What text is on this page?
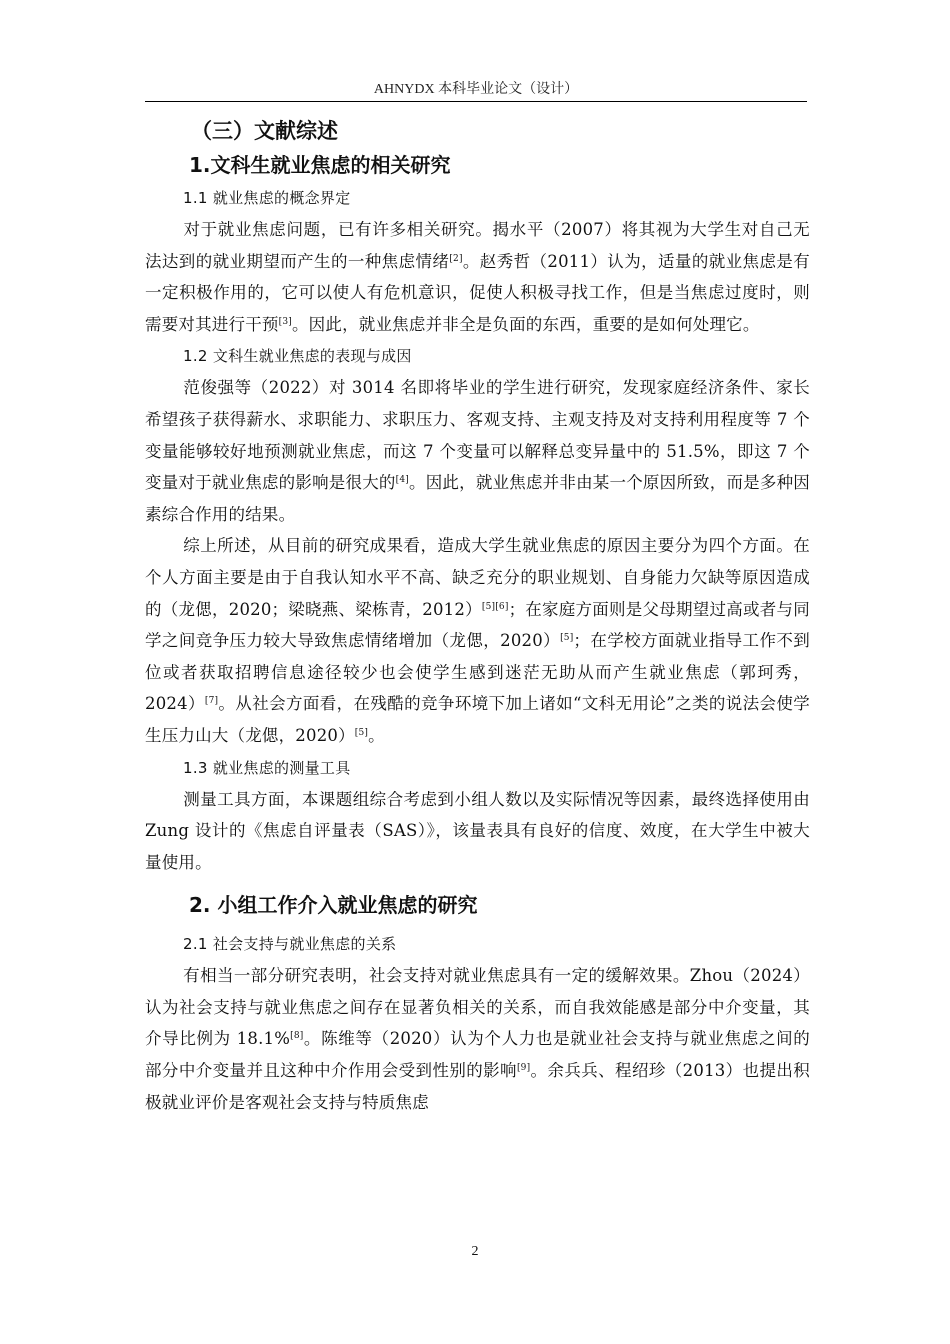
AHNYDX 本科毕业论文（设计）
（三）文献综述
1.文科生就业焦虑的相关研究
1.1 就业焦虑的概念界定

对于就业焦虑问题，已有许多相关研究。揭水平（2007）将其视为大学生对自己无法达到的就业期望而产生的一种焦虑情绪[2]。赵秀哲（2011）认为，适量的就业焦虑是有一定积极作用的，它可以使人有危机意识，促使人积极寻找工作，但是当焦虑过度时，则需要对其进行干预[3]。因此，就业焦虑并非全是负面的东西，重要的是如何处理它。

1.2 文科生就业焦虑的表现与成因

范俊强等（2022）对 3014 名即将毕业的学生进行研究，发现家庭经济条件、家长希望孩子获得薪水、求职能力、求职压力、客观支持、主观支持及对支持利用程度等 7 个变量能够较好地预测就业焦虑，而这 7 个变量可以解释总变异量中的 51.5%，即这 7 个变量对于就业焦虑的影响是很大的[4]。因此，就业焦虑并非由某一个原因所致，而是多种因素综合作用的结果。

综上所述，从目前的研究成果看，造成大学生就业焦虑的原因主要分为四个方面。在个人方面主要是由于自我认知水平不高、缺乏充分的职业规划、自身能力欠缺等原因造成的（龙偲，2020；梁晓燕、梁栋青，2012）[5][6]；在家庭方面则是父母期望过高或者与同学之间竞争压力较大导致焦虑情绪增加（龙偲，2020）[5]；在学校方面就业指导工作不到位或者获取招聘信息途径较少也会使学生感到迷茫无助从而产生就业焦虑（郭珂秀，2024）[7]。从社会方面看，在残酷的竞争环境下加上诸如“文科无用论”之类的说法会使学生压力山大（龙偲，2020）[5]。

1.3 就业焦虑的测量工具

测量工具方面，本课题组综合考虑到小组人数以及实际情况等因素，最终选择使用由 Zung 设计的《焦虑自评量表（SAS）》，该量表具有良好的信度、效度，在大学生中被大量使用。

2. 小组工作介入就业焦虑的研究
2.1 社会支持与就业焦虑的关系

有相当一部分研究表明，社会支持对就业焦虑具有一定的缓解效果。Zhou（2024）认为社会支持与就业焦虑之间存在显著负相关的关系，而自我效能感是部分中介变量，其介导比例为 18.1%[8]。陈维等（2020）认为个人力也是就业社会支持与就业焦虑之间的部分中介变量并且这种中介作用会受到性别的影响[9]。余兵兵、程绍珍（2013）也提出积极就业评价是客观社会支持与特质焦虑

2
